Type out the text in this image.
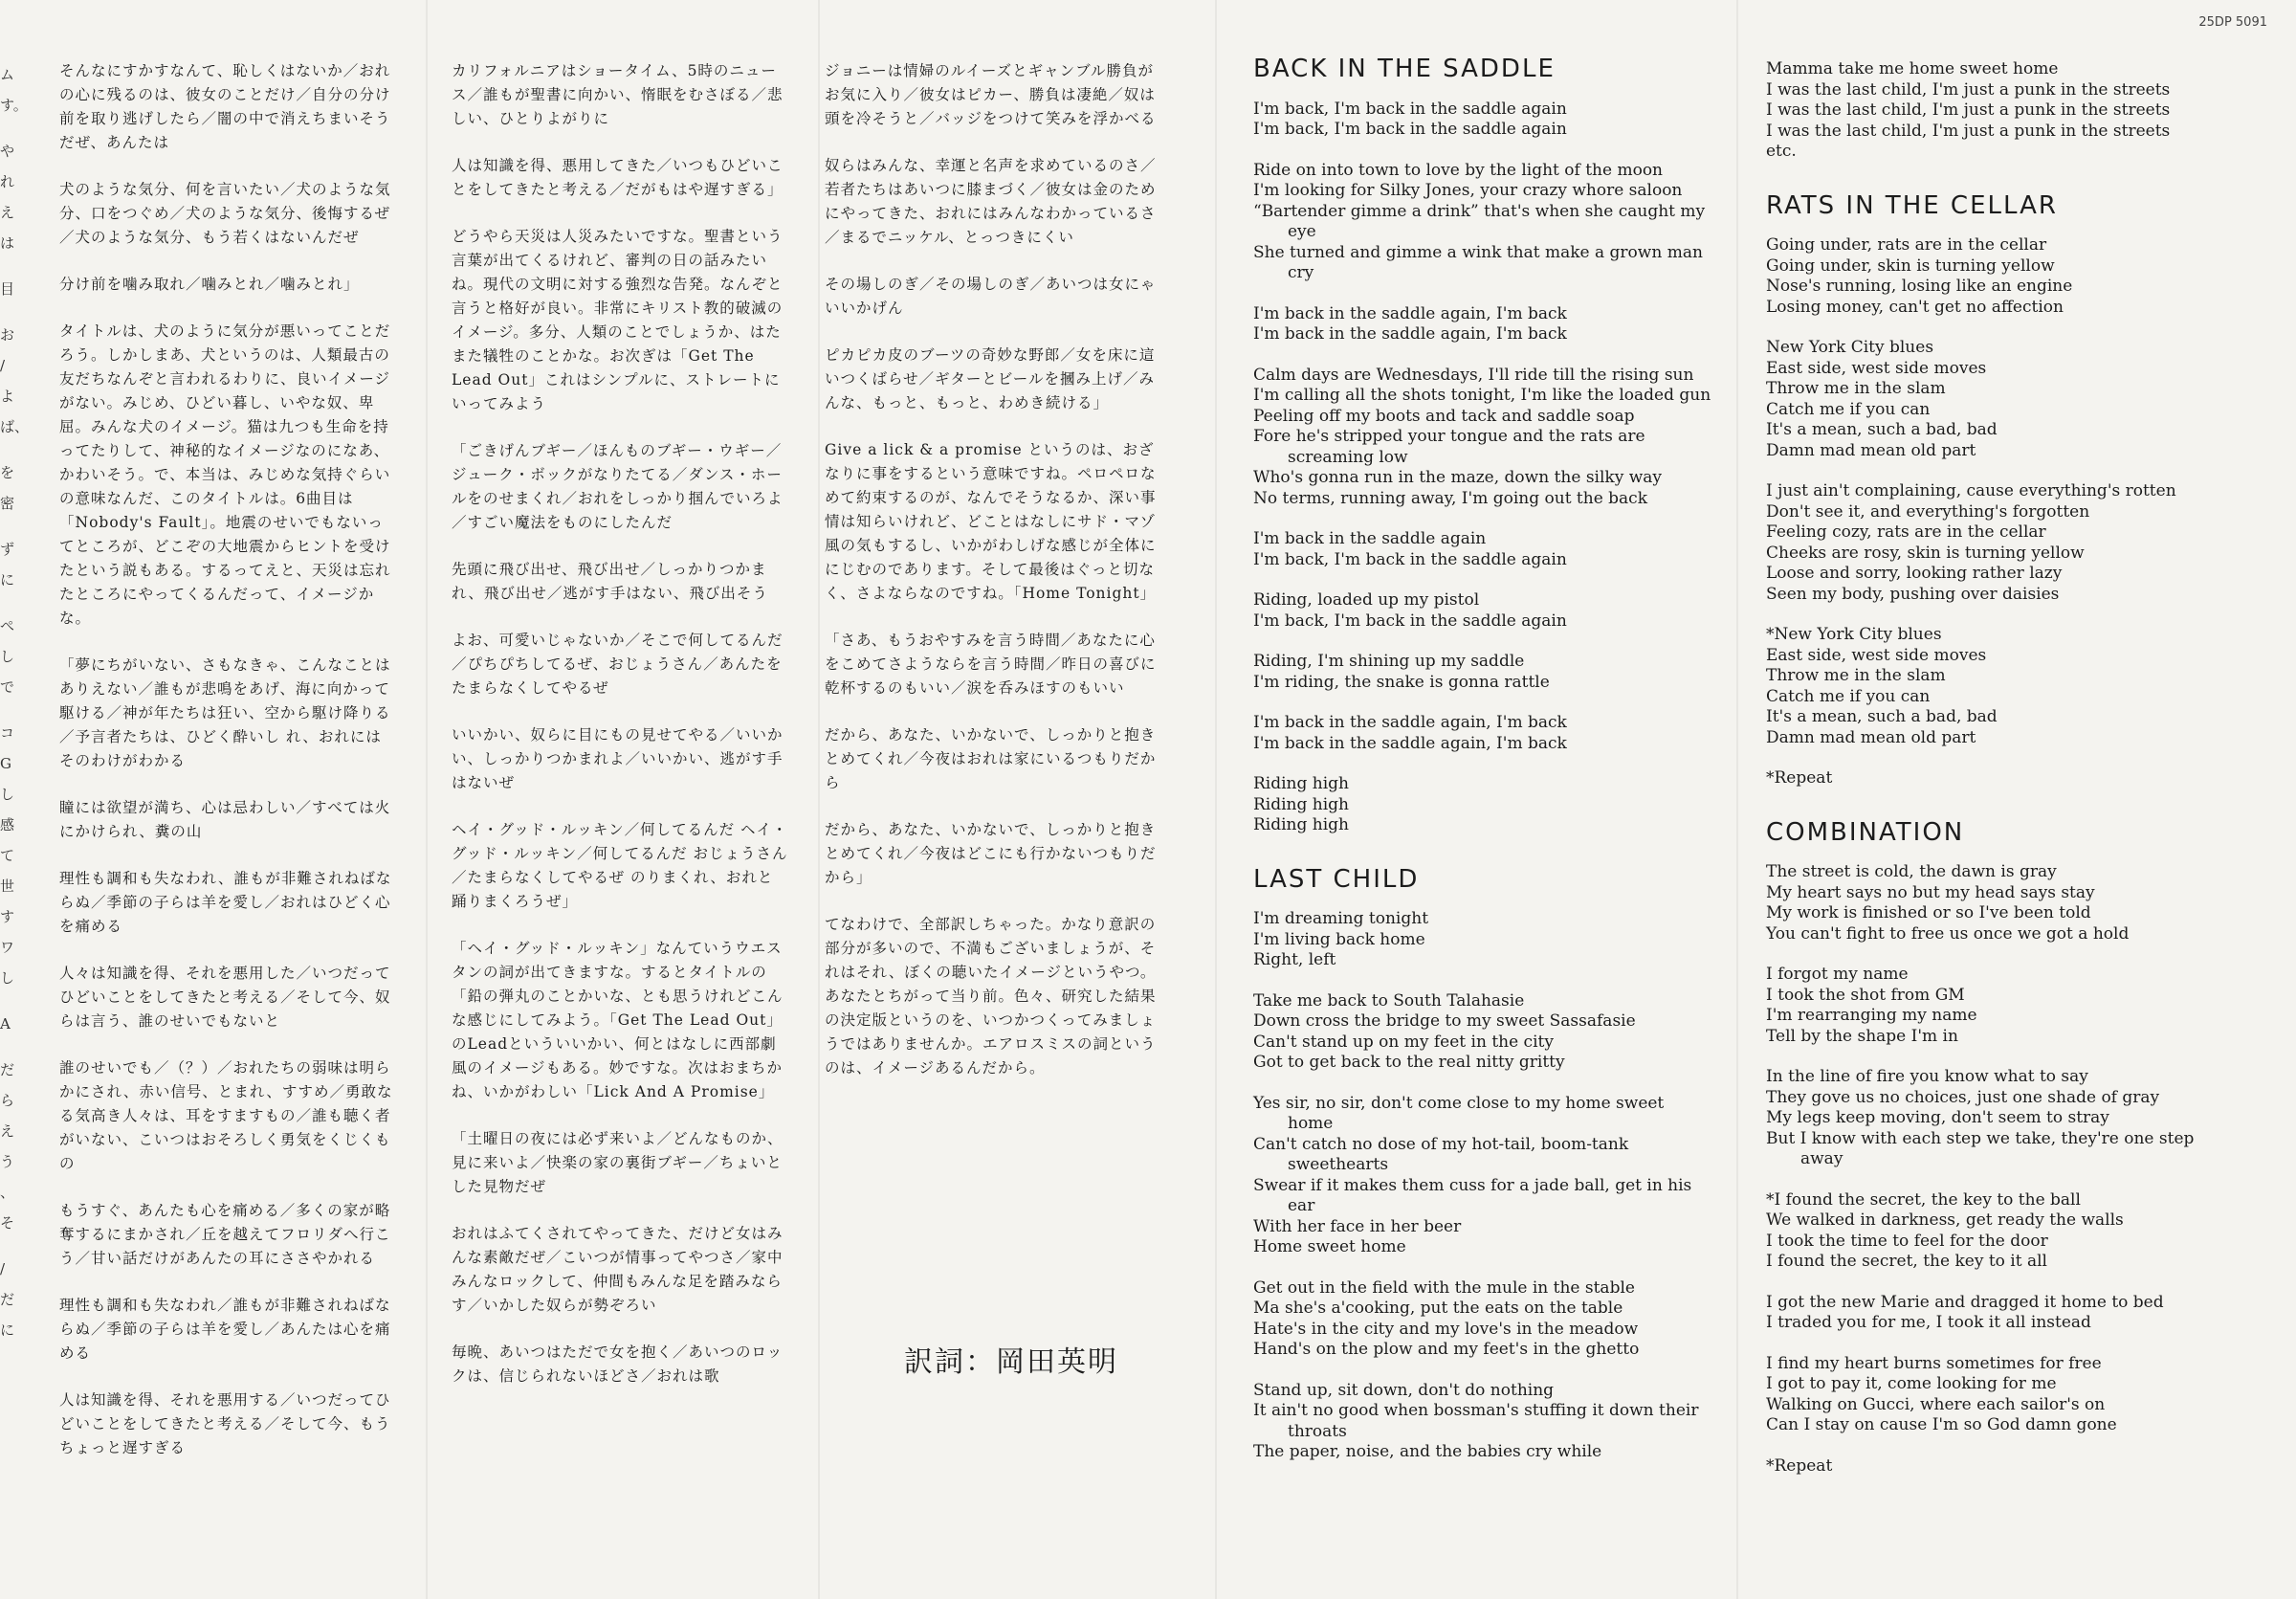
25DP 5091
ム
す。

や
れ
え
は

目

お
/
よ
ば、

を
密

ず
に

ぺ
し
で

コ
G
し
感
て
世
す
ワ
し

A

だ
ら
え
う
、そ

/
だ
に

そんなにすかすなんて、恥しくはないか／おれの心に残るのは、彼女のことだけ／自分の分け前を取り逃げしたら／闇の中で消えちまいそうだぜ、あんたは

犬のような気分、何を言いたい／犬のような気分、口をつぐめ／犬のような気分、後悔するぜ／犬のような気分、もう若くはないんだぜ

分け前を噛み取れ／噛みとれ／噛みとれ」

タイトルは、犬のように気分が悪いってことだろう。しかしまあ、犬というのは、人類最古の友だちなんぞと言われるわりに、良いイメージがない。みじめ、ひどい暮し、いやな奴、卑屈。みんな犬のイメージ。猫は九つも生命を持ってたりして、神秘的なイメージなのになあ、かわいそう。で、本当は、みじめな気持ぐらいの意味なんだ、このタイトルは。6曲目は「Nobody's Fault」。地震のせいでもないってところが、どこぞの大地震からヒントを受けたという説もある。するってえと、天災は忘れたところにやってくるんだって、イメージかな。

「夢にちがいない、さもなきゃ、こんなことはありえない／誰もが悲鳴をあげ、海に向かって駆ける／神が年たちは狂い、空から駆け降りる／予言者たちは、ひどく酔いし れ、おれにはそのわけがわかる

瞳には欲望が満ち、心は忌わしい／すべては火にかけられ、糞の山

理性も調和も失なわれ、誰もが非難されねばならぬ／季節の子らは羊を愛し／おれはひどく心を痛める

人々は知識を得、それを悪用した／いつだってひどいことをしてきたと考える／そして今、奴らは言う、誰のせいでもないと

誰のせいでも／（？）／おれたちの弱味は明らかにされ、赤い信号、とまれ、すすめ／勇敢なる気高き人々は、耳をすますもの／誰も聴く者がいない、こいつはおそろしく勇気をくじくもの

もうすぐ、あんたも心を痛める／多くの家が略奪するにまかされ／丘を越えてフロリダへ行こう／甘い話だけがあんたの耳にささやかれる

理性も調和も失なわれ／誰もが非難されねばならぬ／季節の子らは羊を愛し／あんたは心を痛める

人は知識を得、それを悪用する／いつだってひどいことをしてきたと考える／そして今、もうちょっと遅すぎる

カリフォルニアはショータイム、5時のニュース／誰もが聖書に向かい、惰眠をむさぼる／悲しい、ひとりよがりに

人は知識を得、悪用してきた／いつもひどいことをしてきたと考える／だがもはや遅すぎる」

どうやら天災は人災みたいですな。聖書という言葉が出てくるけれど、審判の日の話みたいね。現代の文明に対する強烈な告発。なんぞと言うと格好が良い。非常にキリスト教的破滅のイメージ。多分、人類のことでしょうか、はたまた犠牲のことかな。お次ぎは「Get The Lead Out」これはシンプルに、ストレートにいってみよう

「ごきげんブギー／ほんものブギー・ウギー／ジューク・ボックがなりたてる／ダンス・ホールをのせまくれ／おれをしっかり掴んでいろよ／すごい魔法をものにしたんだ

先頭に飛び出せ、飛び出せ／しっかりつかまれ、飛び出せ／逃がす手はない、飛び出そう

よお、可愛いじゃないか／そこで何してるんだ／ぴちぴちしてるぜ、おじょうさん／あんたをたまらなくしてやるぜ

いいかい、奴らに目にもの見せてやる／いいかい、しっかりつかまれよ／いいかい、逃がす手はないぜ

ヘイ・グッド・ルッキン／何してるんだ ヘイ・グッド・ルッキン／何してるんだ おじょうさん／たまらなくしてやるぜ のりまくれ、おれと踊りまくろうぜ」

「ヘイ・グッド・ルッキン」なんていうウエスタンの詞が出てきますな。するとタイトルの「鉛の弾丸のことかいな、とも思うけれどこんな感じにしてみよう。「Get The Lead Out」のLeadといういいかい、何とはなしに西部劇風のイメージもある。妙ですな。次はおまちかね、いかがわしい「Lick And A Promise」

「土曜日の夜には必ず来いよ／どんなものか、見に来いよ／快楽の家の裏街ブギー／ちょいとした見物だぜ

おれはふてくされてやってきた、だけど女はみんな素敵だぜ／こいつが情事ってやつさ／家中みんなロックして、仲間もみんな足を踏みならす／いかした奴らが勢ぞろい

毎晩、あいつはただで女を抱く／あいつのロックは、信じられないほどさ／おれは歌

ジョニーは情婦のルイーズとギャンブル勝負がお気に入り／彼女はピカー、勝負は凄絶／奴は頭を冷そうと／バッジをつけて笑みを浮かべる

奴らはみんな、幸運と名声を求めているのさ／若者たちはあいつに膝まづく／彼女は金のためにやってきた、おれにはみんなわかっているさ／まるでニッケル、とっつきにくい

その場しのぎ／その場しのぎ／あいつは女にゃいいかげん

ピカピカ皮のブーツの奇妙な野郎／女を床に這いつくばらせ／ギターとビールを摑み上げ／みんな、もっと、もっと、わめき続ける」

Give a lick & a promise というのは、おざなりに事をするという意味ですね。ペロペロなめて約束するのが、なんでそうなるか、深い事情は知らいけれど、どことはなしにサド・マゾ風の気もするし、いかがわしげな感じが全体ににじむのであります。そして最後はぐっと切なく、さよならなのですね。「Home Tonight」

「さあ、もうおやすみを言う時間／あなたに心をこめてさようならを言う時間／昨日の喜びに乾杯するのもいい／涙を呑みほすのもいい

だから、あなた、いかないで、しっかりと抱きとめてくれ／今夜はおれは家にいるつもりだから

だから、あなた、いかないで、しっかりと抱きとめてくれ／今夜はどこにも行かないつもりだから」

てなわけで、全部訳しちゃった。かなり意訳の部分が多いので、不満もございましょうが、それはそれ、ぼくの聴いたイメージというやつ。あなたとちがって当り前。色々、研究した結果の決定版というのを、いつかつくってみましょうではありませんか。エアロスミスの詞というのは、イメージあるんだから。

訳詞：岡田英明
BACK IN THE SADDLE

I'm back, I'm back in the saddle again
I'm back, I'm back in the saddle again

Ride on into town to love by the light of the moon
I'm looking for Silky Jones, your crazy whore saloon
“Bartender gimme a drink” that's when she caught my eye
She turned and gimme a wink that make a grown man cry

I'm back in the saddle again, I'm back
I'm back in the saddle again, I'm back

Calm days are Wednesdays, I'll ride till the rising sun
I'm calling all the shots tonight, I'm like the loaded gun
Peeling off my boots and tack and saddle soap
Fore he's stripped your tongue and the rats are screaming low
Who's gonna run in the maze, down the silky way
No terms, running away, I'm going out the back

I'm back in the saddle again
I'm back, I'm back in the saddle again

Riding, loaded up my pistol
I'm back, I'm back in the saddle again

Riding, I'm shining up my saddle
I'm riding, the snake is gonna rattle

I'm back in the saddle again, I'm back
I'm back in the saddle again, I'm back

Riding high
Riding high
Riding high

LAST CHILD

I'm dreaming tonight
I'm living back home
Right, left

Take me back to South Talahasie
Down cross the bridge to my sweet Sassafasie
Can't stand up on my feet in the city
Got to get back to the real nitty gritty

Yes sir, no sir, don't come close to my home sweet home
Can't catch no dose of my hot-tail, boom-tank sweethearts
Swear if it makes them cuss for a jade ball, get in his ear
With her face in her beer
Home sweet home

Get out in the field with the mule in the stable
Ma she's a'cooking, put the eats on the table
Hate's in the city and my love's in the meadow
Hand's on the plow and my feet's in the ghetto

Stand up, sit down, don't do nothing
It ain't no good when bossman's stuffing it down their throats
The paper, noise, and the babies cry while

Mamma take me home sweet home
I was the last child, I'm just a punk in the streets
I was the last child, I'm just a punk in the streets
I was the last child, I'm just a punk in the streets
etc.

RATS IN THE CELLAR

Going under, rats are in the cellar
Going under, skin is turning yellow
Nose's running, losing like an engine
Losing money, can't get no affection

New York City blues
East side, west side moves
Throw me in the slam
Catch me if you can
It's a mean, such a bad, bad
Damn mad mean old part

I just ain't complaining, cause everything's rotten
Don't see it, and everything's forgotten
Feeling cozy, rats are in the cellar
Cheeks are rosy, skin is turning yellow
Loose and sorry, looking rather lazy
Seen my body, pushing over daisies

*New York City blues
East side, west side moves
Throw me in the slam
Catch me if you can
It's a mean, such a bad, bad
Damn mad mean old part

*Repeat

COMBINATION

The street is cold, the dawn is gray
My heart says no but my head says stay
My work is finished or so I've been told
You can't fight to free us once we got a hold

I forgot my name
I took the shot from GM
I'm rearranging my name
Tell by the shape I'm in

In the line of fire you know what to say
They gove us no choices, just one shade of gray
My legs keep moving, don't seem to stray
But I know with each step we take, they're one step away

*I found the secret, the key to the ball
We walked in darkness, get ready the walls
I took the time to feel for the door
I found the secret, the key to it all

I got the new Marie and dragged it home to bed
I traded you for me, I took it all instead

I find my heart burns sometimes for free
I got to pay it, come looking for me
Walking on Gucci, where each sailor's on
Can I stay on cause I'm so God damn gone

*Repeat
